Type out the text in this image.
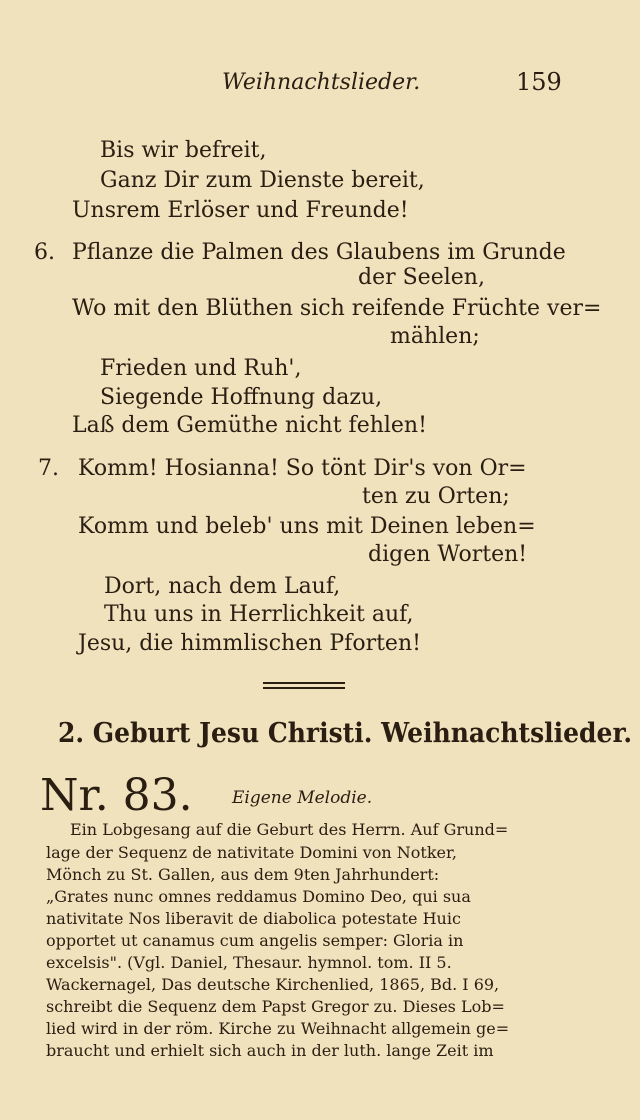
Weihnachtslieder.	159
Bis wir befreit,
Ganz Dir zum Dienste bereit,
Unsrem Erlöser und Freunde!
6. Pflanze die Palmen des Glaubens im Grunde
der Seelen,
Wo mit den Blüthen sich reifende Früchte ver=
mählen;
Frieden und Ruh',
Siegende Hoffnung dazu,
Laß dem Gemüthe nicht fehlen!
7. Komm! Hosianna! So tönt Dir's von Or=
ten zu Orten;
Komm und beleb' uns mit Deinen leben=
digen Worten!
Dort, nach dem Lauf,
Thu uns in Herrlichkeit auf,
Jesu, die himmlischen Pforten!
2. Geburt Jesu Christi. Weihnachtslieder.
Nr. 83. Eigene Melodie.
Ein Lobgesang auf die Geburt des Herrn. Auf Grund=
lage der Sequenz de nativitate Domini von Notker,
Mönch zu St. Gallen, aus dem 9ten Jahrhundert:
„Grates nunc omnes reddamus Domino Deo, qui sua
nativitate Nos liberavit de diabolica potestate Huic
opportet ut canamus cum angelis semper: Gloria in
excelsis". (Vgl. Daniel, Thesaur. hymnol. tom. II 5.
Wackernagel, Das deutsche Kirchenlied, 1865, Bd. I 69,
schreibt die Sequenz dem Papst Gregor zu. Dieses Lob=
lied wird in der röm. Kirche zu Weihnacht allgemein ge=
braucht und erhielt sich auch in der luth. lange Zeit im
